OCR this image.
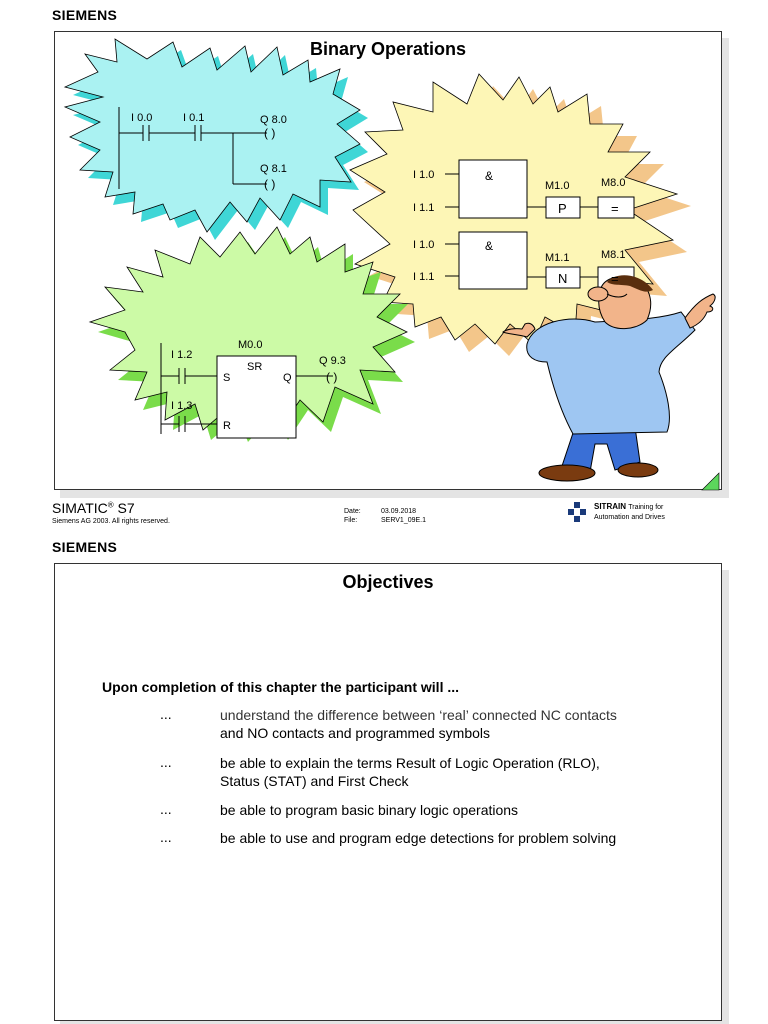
SIEMENS
Binary Operations
I 0.0	I 0.1	Q 8.0
( )
Q 8.1
( )
I 1.0
I 1.1
&
M1.0
P
M8.0
=
I 1.0
I 1.1
&
M1.1
N
M8.1
=
M0.0
SR
S
R
Q
Q 9.3
( )
I 1.2
I 1.3
SIMATIC® S7
Siemens AG 2003. All rights reserved.
Date:	03.09.2018
File:	SERV1_09E.1
SITRAIN Training for
Automation and Drives
SIEMENS
Objectives
Upon completion of this chapter the participant will ...
...	understand the difference between ‘real’ connected NC contacts
and NO contacts and programmed symbols
...	be able to explain the terms Result of Logic Operation (RLO),
Status (STAT) and First Check
...	be able to program basic binary logic operations
...	be able to use and program edge detections for problem solving
